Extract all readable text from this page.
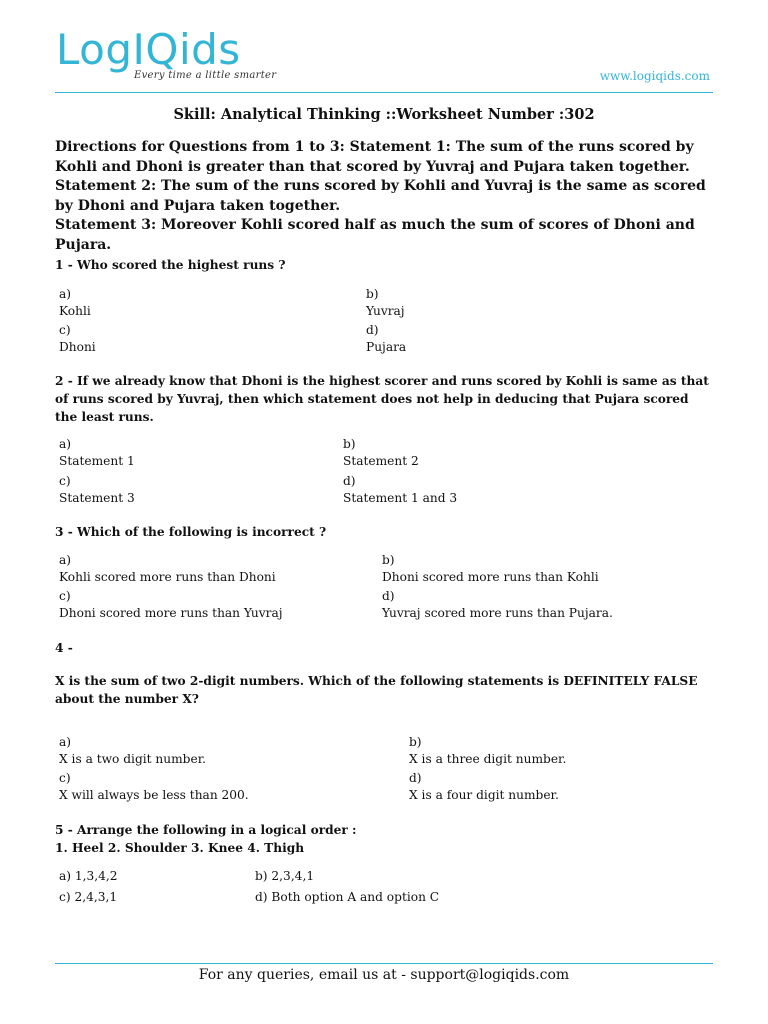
LogIQids
Every time a little smarter	www.logiqids.com
Skill: Analytical Thinking ::Worksheet Number :302
Directions for Questions from 1 to 3: Statement 1: The sum of the runs scored by Kohli and Dhoni is greater than that scored by Yuvraj and Pujara taken together.
Statement 2: The sum of the runs scored by Kohli and Yuvraj is the same as scored by Dhoni and Pujara taken together.
Statement 3: Moreover Kohli scored half as much the sum of scores of Dhoni and Pujara.
1 - Who scored the highest runs ?
a)
Kohli
b)
Yuvraj
c)
Dhoni
d)
Pujara
2 - If we already know that Dhoni is the highest scorer and runs scored by Kohli is same as that of runs scored by Yuvraj, then which statement does not help in deducing that Pujara scored the least runs.
a)
Statement 1
b)
Statement 2
c)
Statement 3
d)
Statement 1 and 3
3 - Which of the following is incorrect ?
a)
Kohli scored more runs than Dhoni
b)
Dhoni scored more runs than Kohli
c)
Dhoni scored more runs than Yuvraj
d)
Yuvraj scored more runs than Pujara.
4 -
X is the sum of two 2-digit numbers. Which of the following statements is DEFINITELY FALSE about the number X?
a)
X is a two digit number.
b)
X is a three digit number.
c)
X will always be less than 200.
d)
X is a four digit number.
5 - Arrange the following in a logical order :
1. Heel 2. Shoulder 3. Knee 4. Thigh
a) 1,3,4,2	b) 2,3,4,1
c) 2,4,3,1	d) Both option A and option C
For any queries, email us at - support@logiqids.com
